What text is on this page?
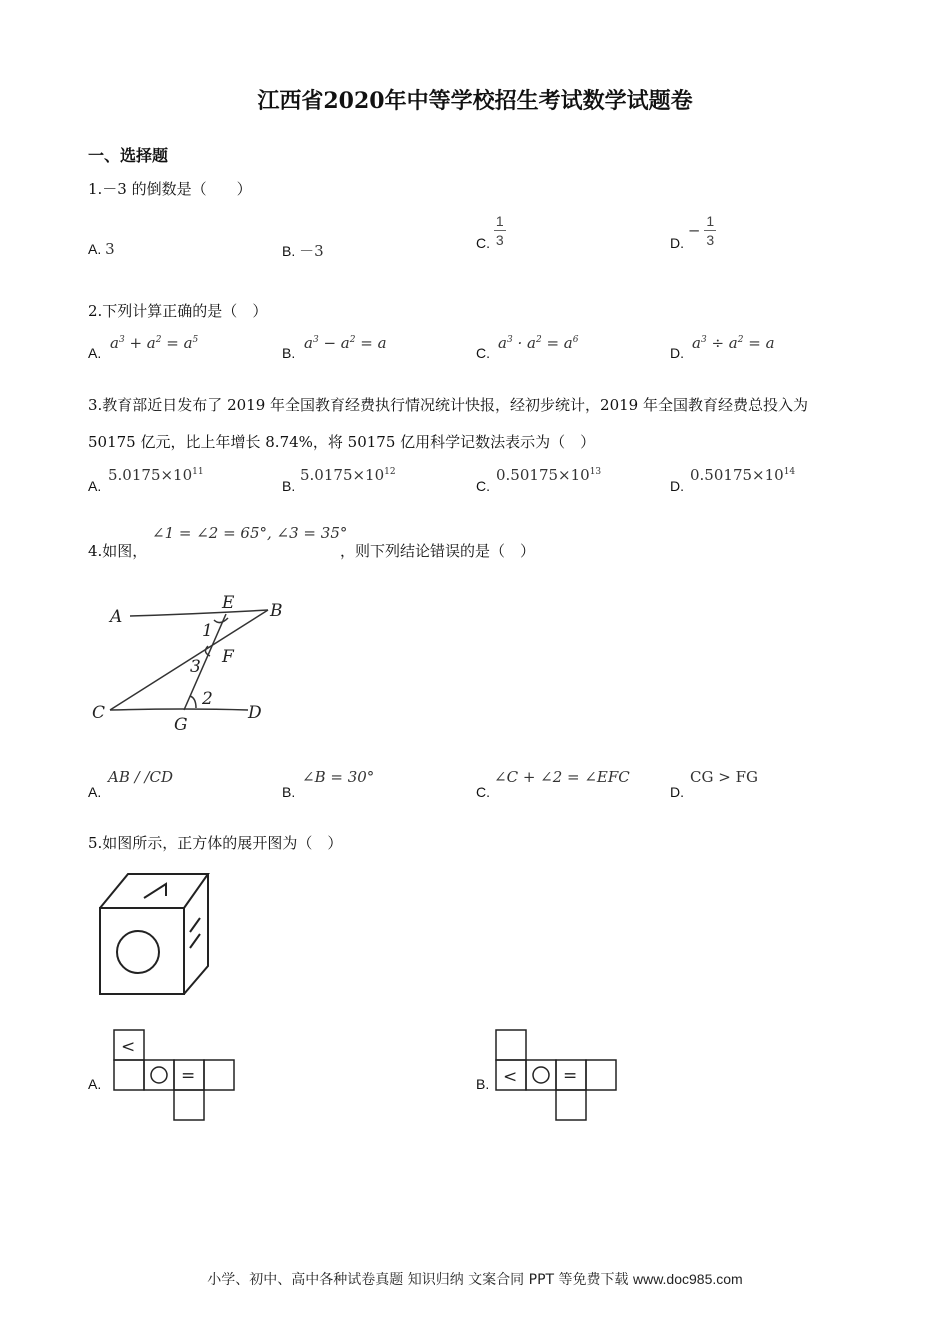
江西省2020年中等学校招生考试数学试题卷
一、选择题
1.－3 的倒数是（　　）
A. 3	B. －3	C. $\frac{1}{3}$	D. − $\frac{1}{3}$
2.下列计算正确的是（　）
A.
$a^3 + a^2 = a^5$
B.
$a^3 - a^2 = a$
C.
$a^3 \cdot a^2 = a^6$
D.
$a^3 \div a^2 = a$
3.教育部近日发布了 2019 年全国教育经费执行情况统计快报，经初步统计，2019 年全国教育经费总投入为
50175 亿元，比上年增长 8.74%，将 50175 亿用科学记数法表示为（　）
A.
$5.0175\times 10^{11}$
B.
$5.0175\times 10^{12}$
C.
$0.50175\times 10^{13}$
D.
$0.50175\times 10^{14}$
4.如图，
∠1 = ∠2 = 65°, ∠3 = 35°
，则下列结论错误的是（　）
A
E B
1
F
3
2
C
G
D
A.
AB / /CD
B.
∠B = 30°
C.
∠C + ∠2 = ∠EFC
D.
CG > FG
5.如图所示，正方体的展开图为（　）
A.
<
=	B. <	=
小学、初中、高中各种试卷真题 知识归纳 文案合同 PPT 等免费下载 www.doc985.com
